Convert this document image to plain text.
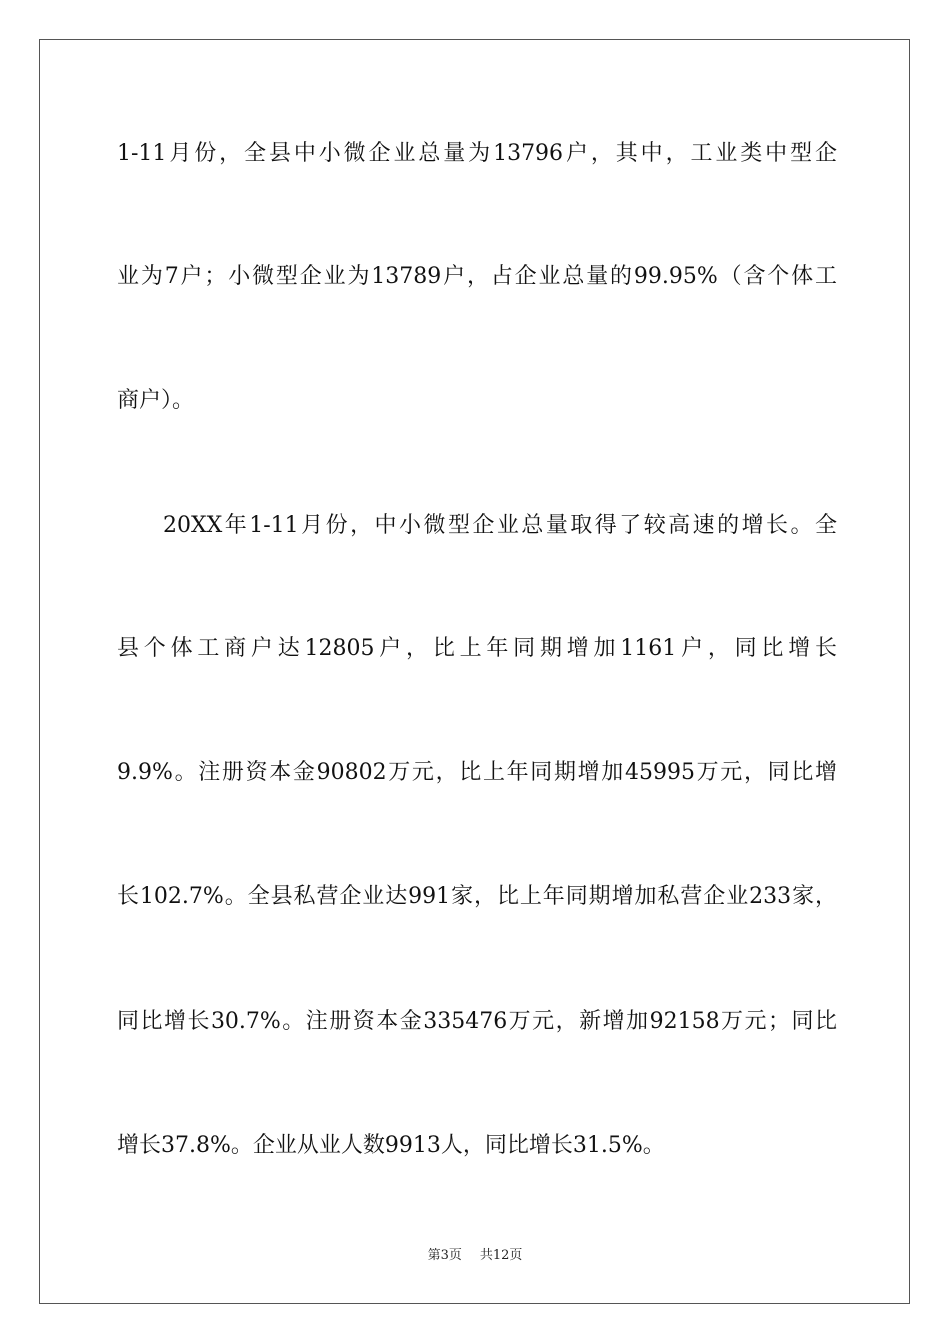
1-11月份，全县中小微企业总量为13796户，其中，工业类中型企
业为7户；小微型企业为13789户，占企业总量的99.95%（含个体工
商户）。
20XX年1-11月份，中小微型企业总量取得了较高速的增长。全
县个体工商户达12805户，比上年同期增加1161户，同比增长
9.9%。注册资本金90802万元，比上年同期增加45995万元，同比增
长102.7%。全县私营企业达991家，比上年同期增加私营企业233家，
同比增长30.7%。注册资本金335476万元，新增加92158万元；同比
增长37.8%。企业从业人数9913人，同比增长31.5%。
第3页 共12页
